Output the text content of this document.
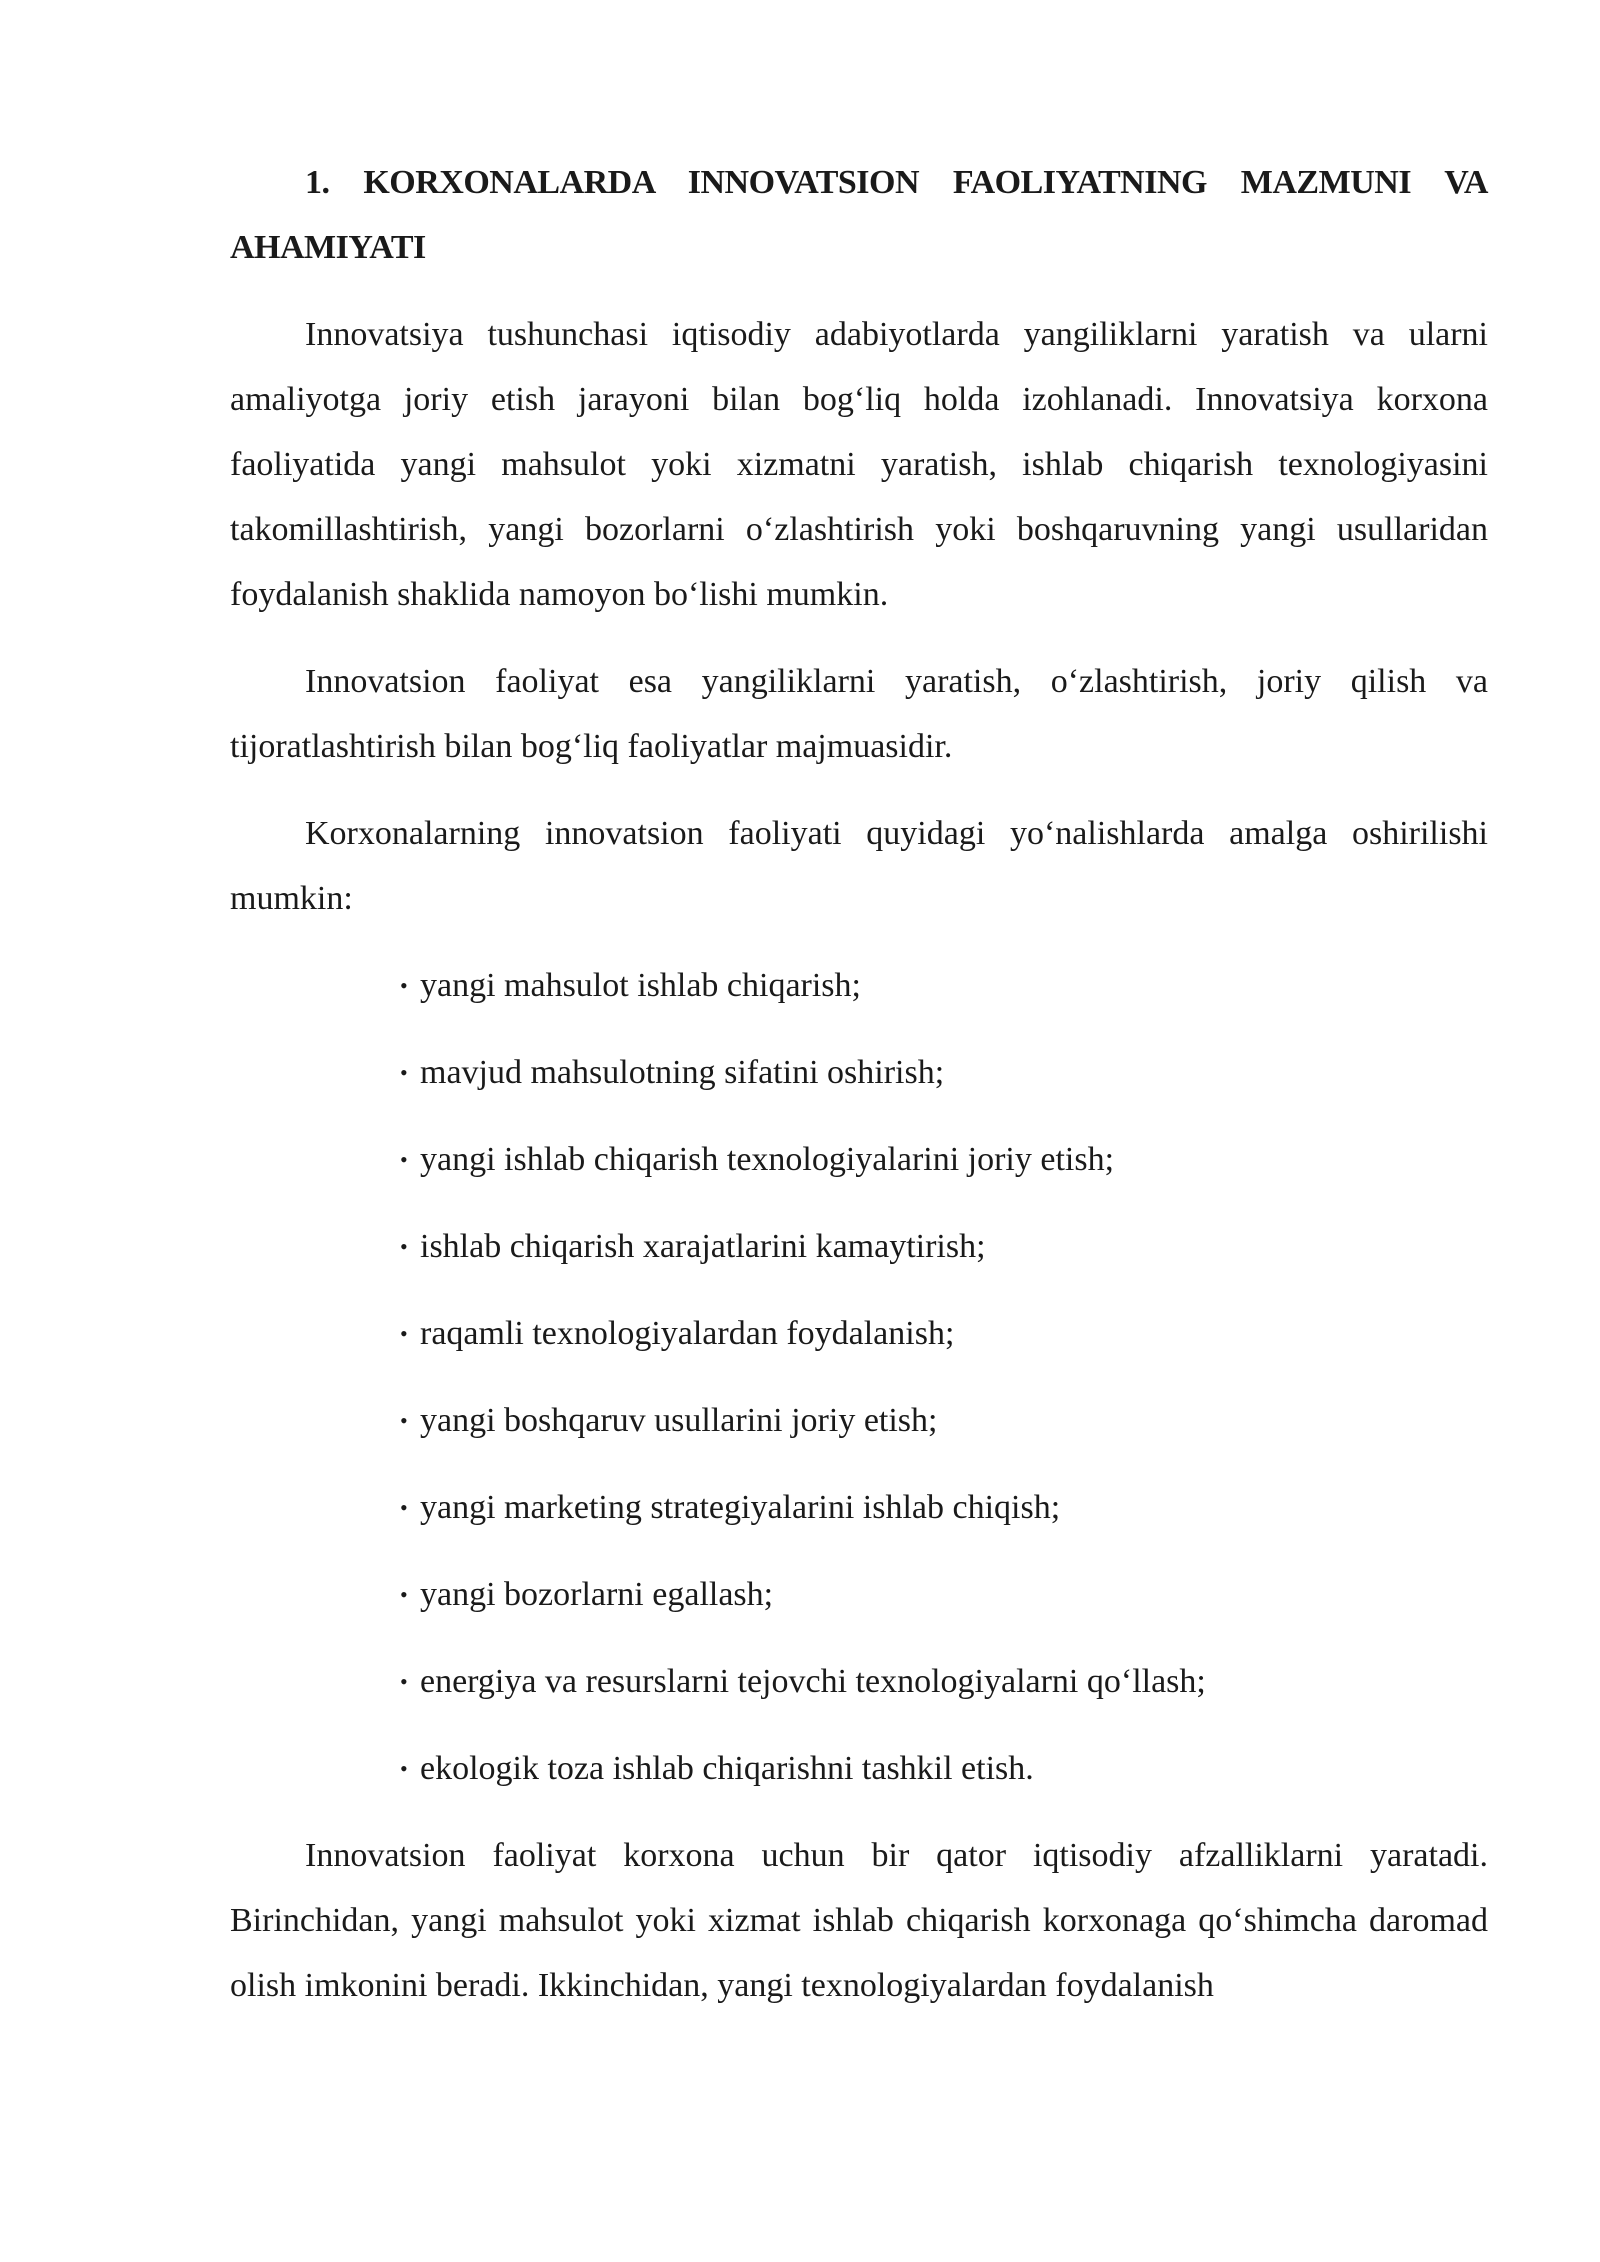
1. KORXONALARDA INNOVATSION FAOLIYATNING MAZMUNI VA AHAMIYATI

Innovatsiya tushunchasi iqtisodiy adabiyotlarda yangiliklarni yaratish va ularni amaliyotga joriy etish jarayoni bilan bog‘liq holda izohlanadi. Innovatsiya korxona faoliyatida yangi mahsulot yoki xizmatni yaratish, ishlab chiqarish texnologiyasini takomillashtirish, yangi bozorlarni o‘zlashtirish yoki boshqaruvning yangi usullaridan foydalanish shaklida namoyon bo‘lishi mumkin.

Innovatsion faoliyat esa yangiliklarni yaratish, o‘zlashtirish, joriy qilish va tijoratlashtirish bilan bog‘liq faoliyatlar majmuasidir.

Korxonalarning innovatsion faoliyati quyidagi yo‘nalishlarda amalga oshirilishi mumkin:

• yangi mahsulot ishlab chiqarish;
• mavjud mahsulotning sifatini oshirish;
• yangi ishlab chiqarish texnologiyalarini joriy etish;
• ishlab chiqarish xarajatlarini kamaytirish;
• raqamli texnologiyalardan foydalanish;
• yangi boshqaruv usullarini joriy etish;
• yangi marketing strategiyalarini ishlab chiqish;
• yangi bozorlarni egallash;
• energiya va resurslarni tejovchi texnologiyalarni qo‘llash;
• ekologik toza ishlab chiqarishni tashkil etish.

Innovatsion faoliyat korxona uchun bir qator iqtisodiy afzalliklarni yaratadi. Birinchidan, yangi mahsulot yoki xizmat ishlab chiqarish korxonaga qo‘shimcha daromad olish imkonini beradi. Ikkinchidan, yangi texnologiyalardan foydalanish
